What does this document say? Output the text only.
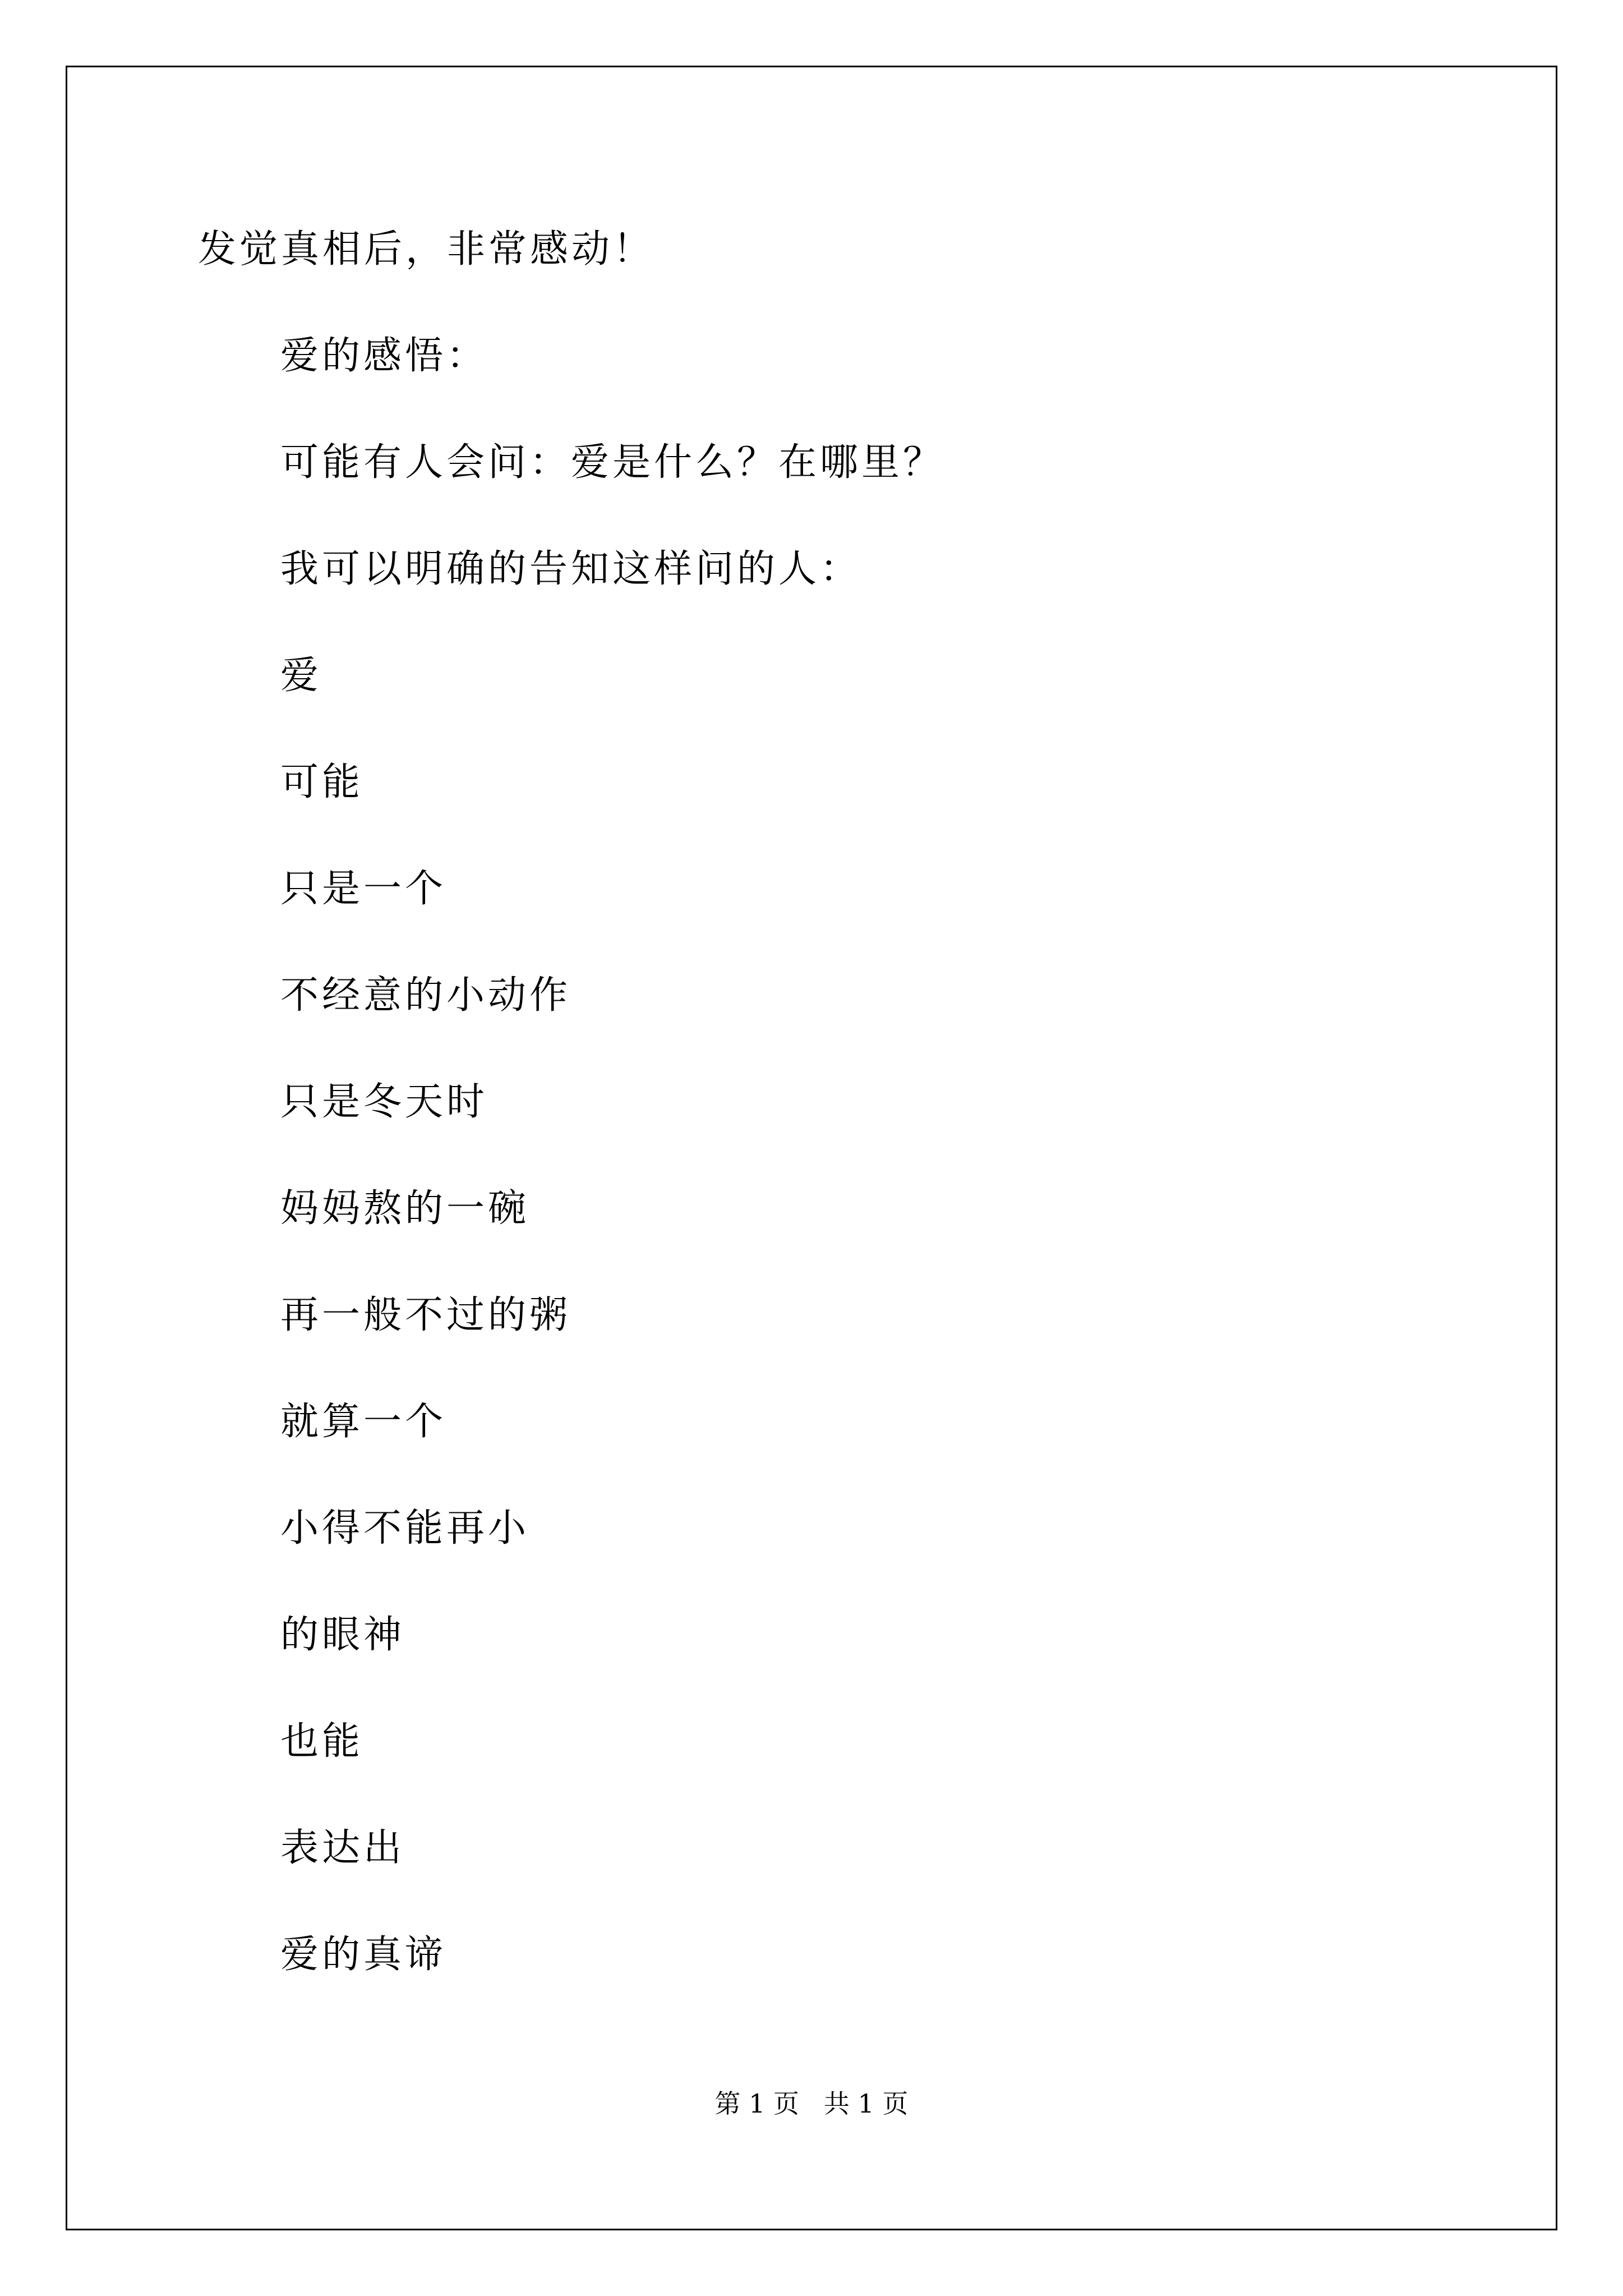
发觉真相后，非常感动！
爱的感悟：
可能有人会问：爱是什么？在哪里？
我可以明确的告知这样问的人：
爱
可能
只是一个
不经意的小动作
只是冬天时
妈妈熬的一碗
再一般不过的粥
就算一个
小得不能再小
的眼神
也能
表达出
爱的真谛
第 1 页   共 1 页
